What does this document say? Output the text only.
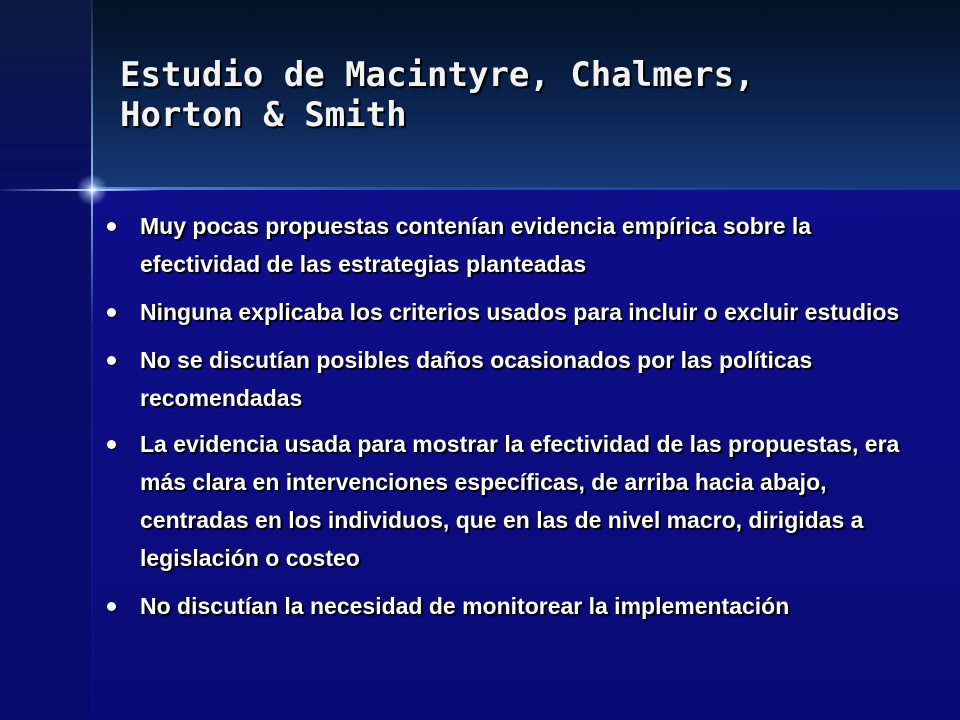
Estudio de Macintyre, Chalmers,
Horton & Smith
Muy pocas propuestas contenían evidencia empírica sobre la efectividad de las estrategias planteadas
Ninguna explicaba los criterios usados para incluir o excluir estudios
No se discutían posibles daños ocasionados por las políticas recomendadas
La evidencia usada para mostrar la efectividad de las propuestas, era más clara en intervenciones específicas, de arriba hacia abajo, centradas en los individuos, que en las de nivel macro, dirigidas a legislación o costeo
No discutían la necesidad de monitorear la implementación
